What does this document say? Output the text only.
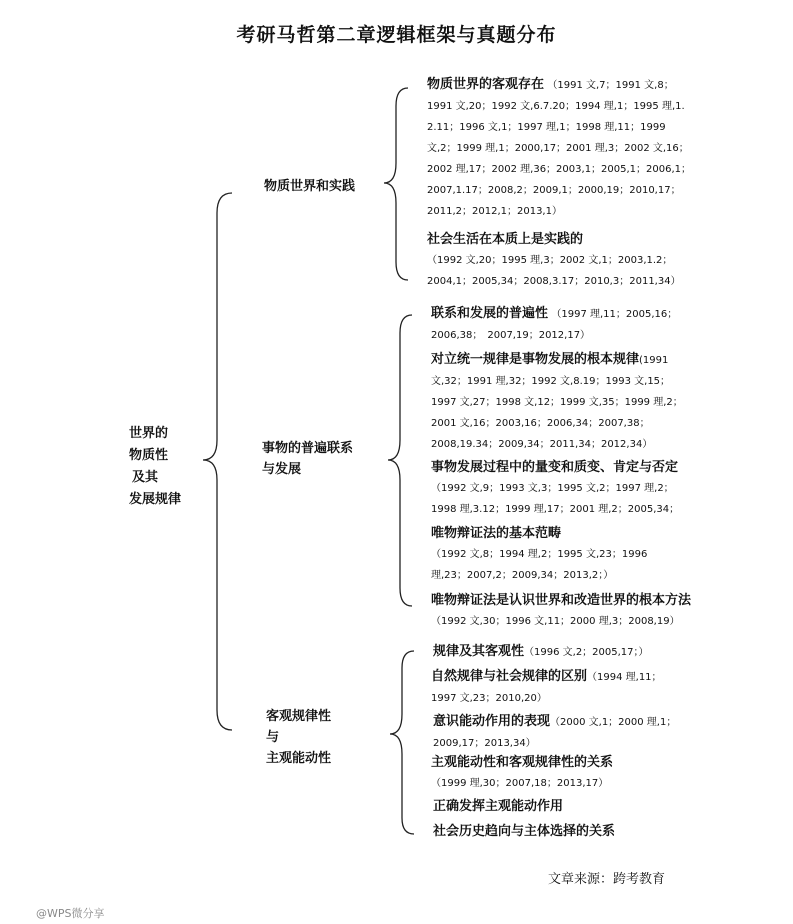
考研马哲第二章逻辑框架与真题分布
世界的
物质性
及其
发展规律
物质世界和实践
事物的普遍联系
与发展
客观规律性
与
主观能动性
物质世界的客观存在 （1991 文,7；1991 文,8；
1991 文,20；1992 文,6.7.20；1994 理,1；1995 理,1.
2.11；1996 文,1；1997 理,1；1998 理,11；1999
文,2；1999 理,1；2000,17；2001 理,3；2002 文,16；
2002 理,17；2002 理,36；2003,1；2005,1；2006,1；
2007,1.17；2008,2；2009,1；2000,19；2010,17；
2011,2；2012,1；2013,1）
社会生活在本质上是实践的
（1992 文,20；1995 理,3；2002 文,1；2003,1.2；
2004,1；2005,34；2008,3.17；2010,3；2011,34）
联系和发展的普遍性 （1997 理,11；2005,16；
2006,38；　2007,19；2012,17）
对立统一规律是事物发展的根本规律(1991
文,32；1991 理,32；1992 文,8.19；1993 文,15；
1997 文,27；1998 文,12；1999 文,35；1999 理,2；
2001 文,16；2003,16；2006,34；2007,38；
2008,19.34；2009,34；2011,34；2012,34）
事物发展过程中的量变和质变、肯定与否定
（1992 文,9；1993 文,3；1995 文,2；1997 理,2；
1998 理,3.12；1999 理,17；2001 理,2；2005,34；
唯物辩证法的基本范畴
（1992 文,8；1994 理,2；1995 文,23；1996
理,23；2007,2；2009,34；2013,2；）
唯物辩证法是认识世界和改造世界的根本方法
（1992 文,30；1996 文,11；2000 理,3；2008,19）
规律及其客观性（1996 文,2；2005,17；）
自然规律与社会规律的区别（1994 理,11；
1997 文,23；2010,20）
意识能动作用的表现（2000 文,1；2000 理,1；
2009,17；2013,34）
主观能动性和客观规律性的关系
（1999 理,30；2007,18；2013,17）
正确发挥主观能动作用
社会历史趋向与主体选择的关系
文章来源：跨考教育
@WPS微分享
